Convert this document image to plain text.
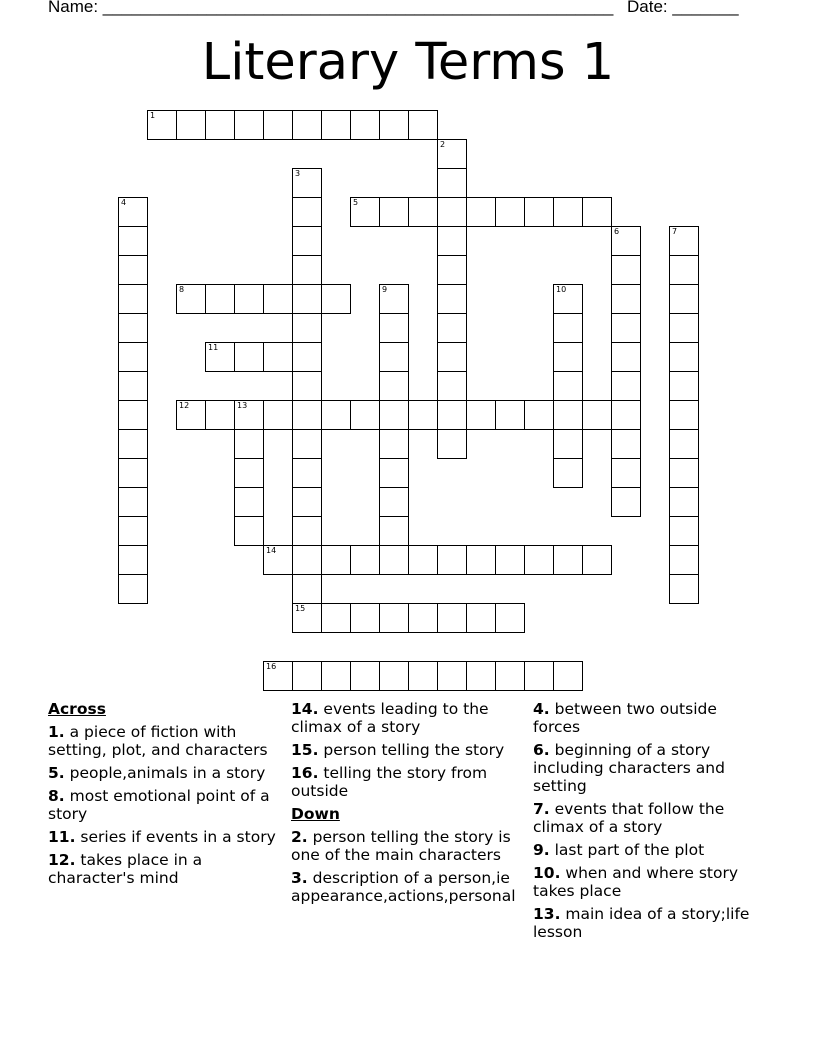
Name: ______________________________________________________ Date: _______
Literary Terms 1
1
5
8
11
12	13
14
15
16
2
3
4
6	7
9	10
Across
1. a piece of fiction with setting, plot, and characters
5. people,animals in a story
8. most emotional point of a story
11. series if events in a story
12. takes place in a character's mind
14. events leading to the climax of a story
15. person telling the story
16. telling the story from outside
Down
2. person telling the story is one of the main characters
3. description of a person,ie appearance,actions,personal
4. between two outside forces
6. beginning of a story including characters and setting
7. events that follow the climax of a story
9. last part of the plot
10. when and where story takes place
13. main idea of a story;life lesson
